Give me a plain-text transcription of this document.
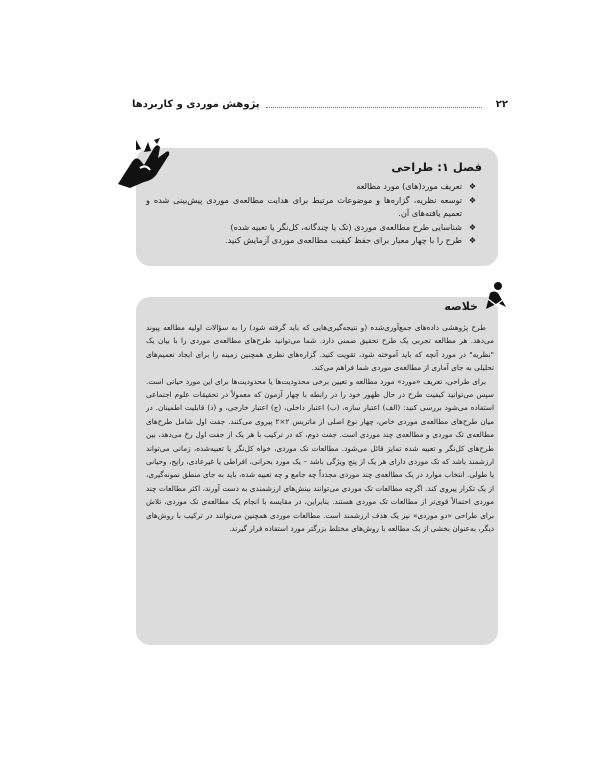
۲۲
پژوهش موردی و کاربردها
فصل ۱: طراحی
❖ تعریف مورد(های) مورد مطالعه
❖ توسعه نظریه، گزاره‌ها و موضوعات مرتبط برای هدایت مطالعه‌ی موردی پیش‌بینی شده و تعمیم یافته‌های آن.
❖ شناسایی طرح مطالعه‌ی موردی (تک یا چندگانه، کل‌نگر یا تعبیه شده)
❖ طرح را با چهار معیار برای حفظ کیفیت مطالعه‌ی موردی آزمایش کنید.
خلاصه

طرح پژوهشی داده‌های جمع‌آوری‌شده (و نتیجه‌گیری‌هایی که باید گرفته شود) را به سؤالات اولیه مطالعه پیوند می‌دهد. هر مطالعه تجربی یک طرح تحقیق ضمنی دارد. شما می‌توانید طرح‌های مطالعه‌ی موردی را با بیان یک "نظریه" در مورد آنچه که باید آموخته شود، تقویت کنید. گزاره‌های نظری همچنین زمینه را برای ایجاد تعمیم‌های تحلیلی به جای آماری از مطالعه‌ی موردی شما فراهم می‌کند.

برای طراحی، تعریف «مورد» مورد مطالعه و تعیین برخی محدودیت‌ها یا محدودیت‌ها برای این مورد حیاتی است. سپس می‌توانید کیفیت طرح در حال ظهور خود را در رابطه با چهار آزمون که معمولاً در تحقیقات علوم اجتماعی استفاده می‌شود بررسی کنید: (الف) اعتبار سازه، (ب) اعتبار داخلی، (ج) اعتبار خارجی، و (د) قابلیت اطمینان. در میان طرح‌های مطالعه‌ی موردی خاص، چهار نوع اصلی از ماتریس ۲×۲ پیروی می‌کنند. جفت اول شامل طرح‌های مطالعه‌ی تک موردی و مطالعه‌ی چند موردی است. جفت دوم، که در ترکیب با هر یک از جفت اول رخ می‌دهد، بین طرح‌های کل‌نگر و تعبیه شده تمایز قائل می‌شود. مطالعات تک موردی، خواه کل‌نگر یا تعبیه‌شده، زمانی می‌تواند ارزشمند باشد که تک موردی دارای هر یک از پنج ویژگی باشد – یک مورد بحرانی، افراطی یا غیرعادی، رایج، وحیانی یا طولی. انتخاب موارد در یک مطالعه‌ی چند موردی مجدداً چه جامع و چه تعبیه شده، باید به جای منطق نمونه‌گیری، از یک تکرار پیروی کند. اگرچه مطالعات تک موردی می‌توانند بینش‌های ارزشمندی به دست آورند، اکثر مطالعات چند موردی احتمالاً قوی‌تر از مطالعات تک موردی هستند. بنابراین، در مقایسه با انجام یک مطالعه‌ی تک موردی، تلاش برای طراحی «دو موردی» نیز یک هدف ارزشمند است. مطالعات موردی همچنین می‌توانند در ترکیب با روش‌های دیگر، به‌عنوان بخشی از یک مطالعه با روش‌های مختلط بزرگتر مورد استفاده قرار گیرند.
